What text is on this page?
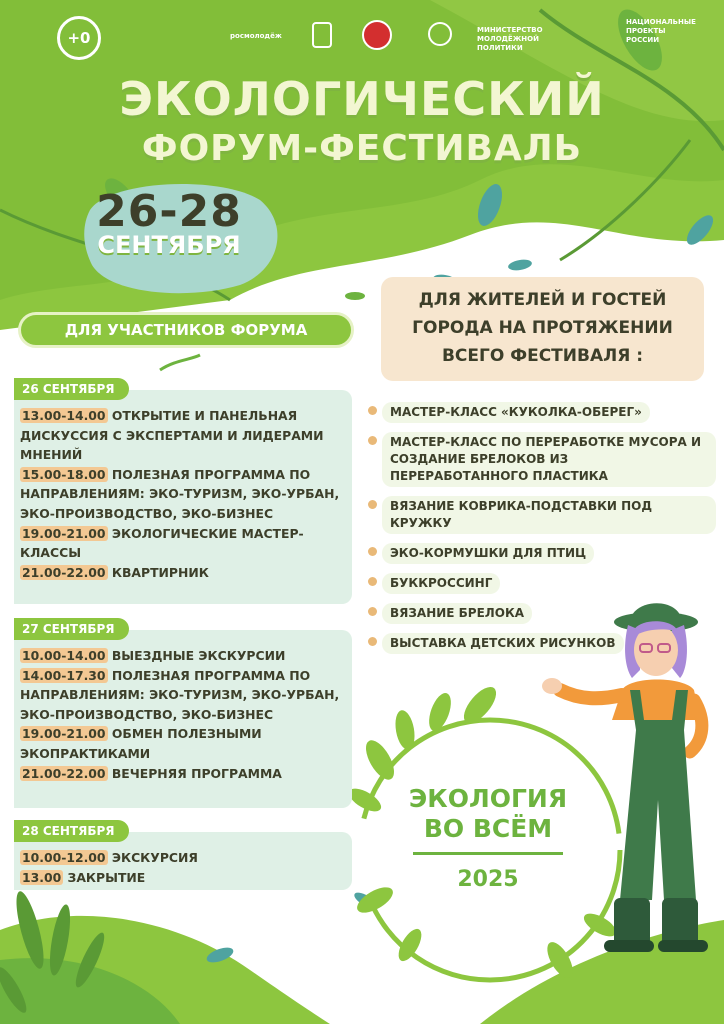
+0	росмолодёж
МИНИСТЕРСТВО МОЛОДЁЖНОЙ ПОЛИТИКИ
НАЦИОНАЛЬНЫЕ ПРОЕКТЫ РОССИИ
ЭКОЛОГИЧЕСКИЙ
ФОРУМ-ФЕСТИВАЛЬ
26-28
СЕНТЯБРЯ
ДЛЯ УЧАСТНИКОВ ФОРУМА
ДЛЯ ЖИТЕЛЕЙ И ГОСТЕЙ
ГОРОДА НА ПРОТЯЖЕНИИ
ВСЕГО ФЕСТИВАЛЯ :
26 СЕНТЯБРЯ
13.00-14.00 ОТКРЫТИЕ И ПАНЕЛЬНАЯ ДИСКУССИЯ С ЭКСПЕРТАМИ И ЛИДЕРАМИ МНЕНИЙ
15.00-18.00 ПОЛЕЗНАЯ ПРОГРАММА ПО НАПРАВЛЕНИЯМ: ЭКО-ТУРИЗМ, ЭКО-УРБАН, ЭКО-ПРОИЗВОДСТВО, ЭКО-БИЗНЕС
19.00-21.00 ЭКОЛОГИЧЕСКИЕ МАСТЕР-КЛАССЫ
21.00-22.00 КВАРТИРНИК
27 СЕНТЯБРЯ
10.00-14.00 ВЫЕЗДНЫЕ ЭКСКУРСИИ
14.00-17.30 ПОЛЕЗНАЯ ПРОГРАММА ПО НАПРАВЛЕНИЯМ: ЭКО-ТУРИЗМ, ЭКО-УРБАН, ЭКО-ПРОИЗВОДСТВО, ЭКО-БИЗНЕС
19.00-21.00 ОБМЕН ПОЛЕЗНЫМИ ЭКОПРАКТИКАМИ
21.00-22.00 ВЕЧЕРНЯЯ ПРОГРАММА
28 СЕНТЯБРЯ
10.00-12.00 ЭКСКУРСИЯ
13.00 ЗАКРЫТИЕ
МАСТЕР-КЛАСС «КУКОЛКА-ОБЕРЕГ»
МАСТЕР-КЛАСС ПО ПЕРЕРАБОТКЕ МУСОРА И СОЗДАНИЕ БРЕЛОКОВ ИЗ ПЕРЕРАБОТАННОГО ПЛАСТИКА
ВЯЗАНИЕ КОВРИКА-ПОДСТАВКИ ПОД КРУЖКУ
ЭКО-КОРМУШКИ ДЛЯ ПТИЦ
БУККРОССИНГ
ВЯЗАНИЕ БРЕЛОКА
ВЫСТАВКА ДЕТСКИХ РИСУНКОВ
ЭКОЛОГИЯ
ВО ВСЁМ
2025
